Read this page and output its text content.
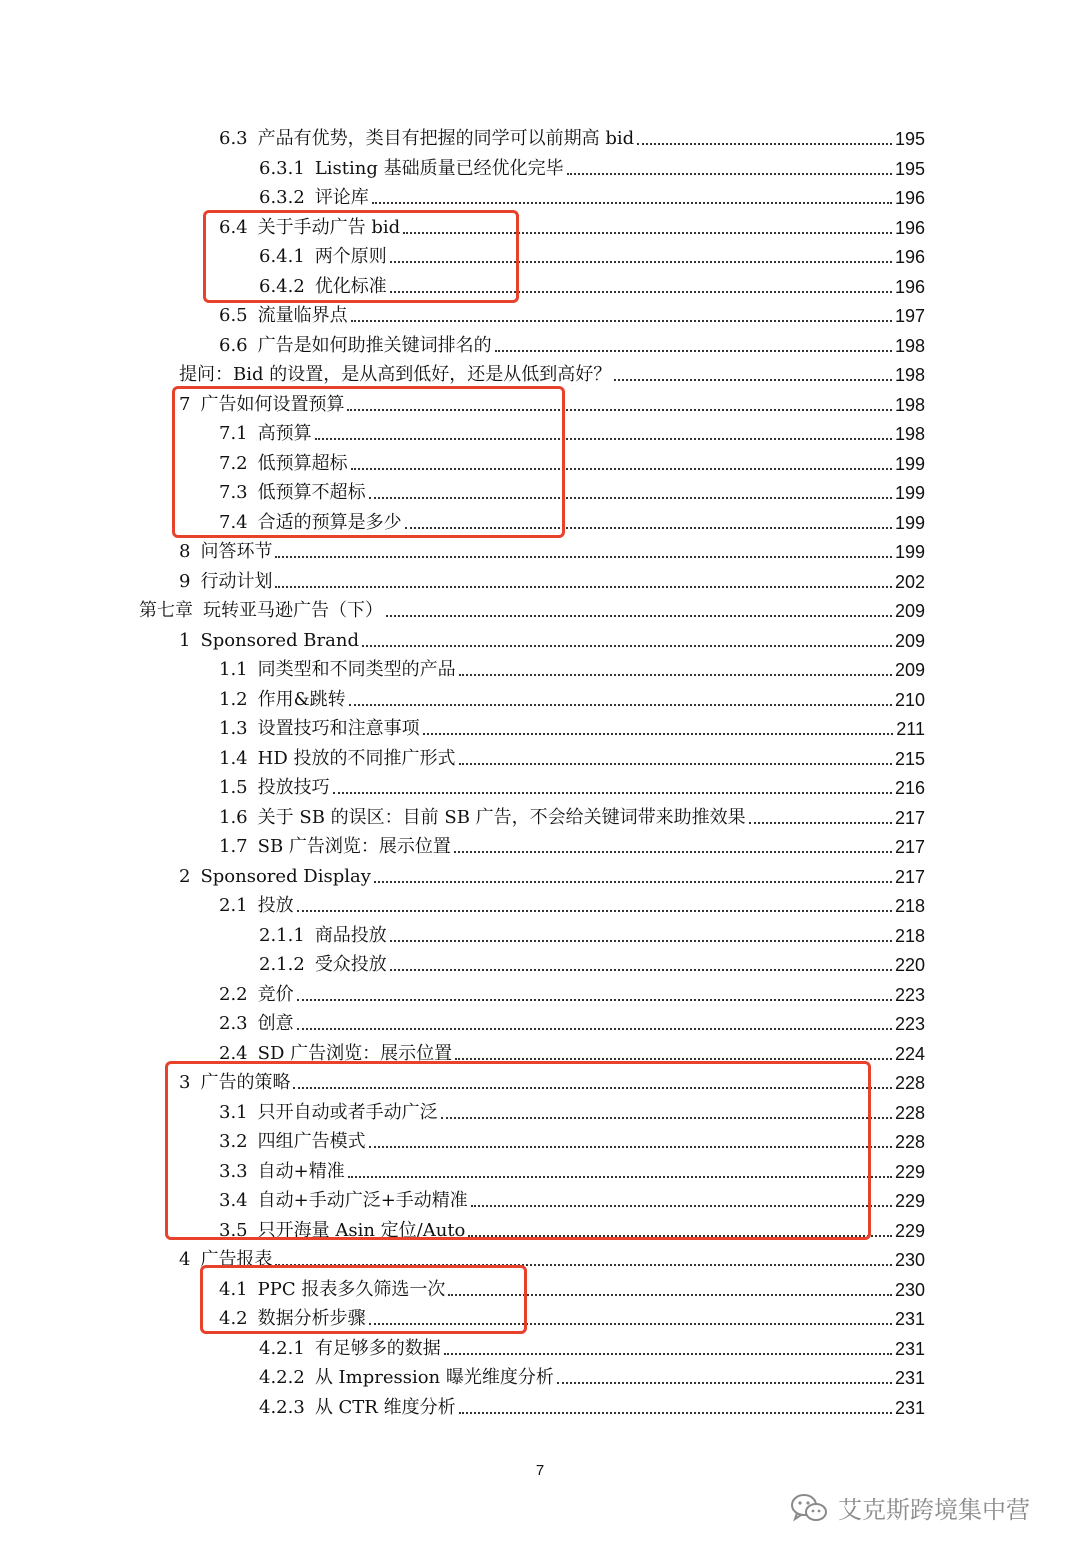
6.3 产品有优势，类目有把握的同学可以前期高 bid	195
6.3.1 Listing 基础质量已经优化完毕	195
6.3.2 评论库	196
6.4 关于手动广告 bid	196
6.4.1 两个原则	196
6.4.2 优化标准	196
6.5 流量临界点	197
6.6 广告是如何助推关键词排名的	198
提问：Bid 的设置，是从高到低好，还是从低到高好？	198
7 广告如何设置预算	198
7.1 高预算	198
7.2 低预算超标	199
7.3 低预算不超标	199
7.4 合适的预算是多少	199
8 问答环节	199
9 行动计划	202
第七章 玩转亚马逊广告（下）	209
1 Sponsored Brand	209
1.1 同类型和不同类型的产品	209
1.2 作用&跳转	210
1.3 设置技巧和注意事项	211
1.4 HD 投放的不同推广形式	215
1.5 投放技巧	216
1.6 关于 SB 的误区：目前 SB 广告，不会给关键词带来助推效果	217
1.7 SB 广告浏览：展示位置	217
2 Sponsored Display	217
2.1 投放	218
2.1.1 商品投放	218
2.1.2 受众投放	220
2.2 竞价	223
2.3 创意	223
2.4 SD 广告浏览：展示位置	224
3 广告的策略	228
3.1 只开自动或者手动广泛	228
3.2 四组广告模式	228
3.3 自动+精准	229
3.4 自动+手动广泛+手动精准	229
3.5 只开海量 Asin 定位/Auto	229
4 广告报表	230
4.1 PPC 报表多久筛选一次	230
4.2 数据分析步骤	231
4.2.1 有足够多的数据	231
4.2.2 从 Impression 曝光维度分析	231
4.2.3 从 CTR 维度分析	231
7
艾克斯跨境集中营
